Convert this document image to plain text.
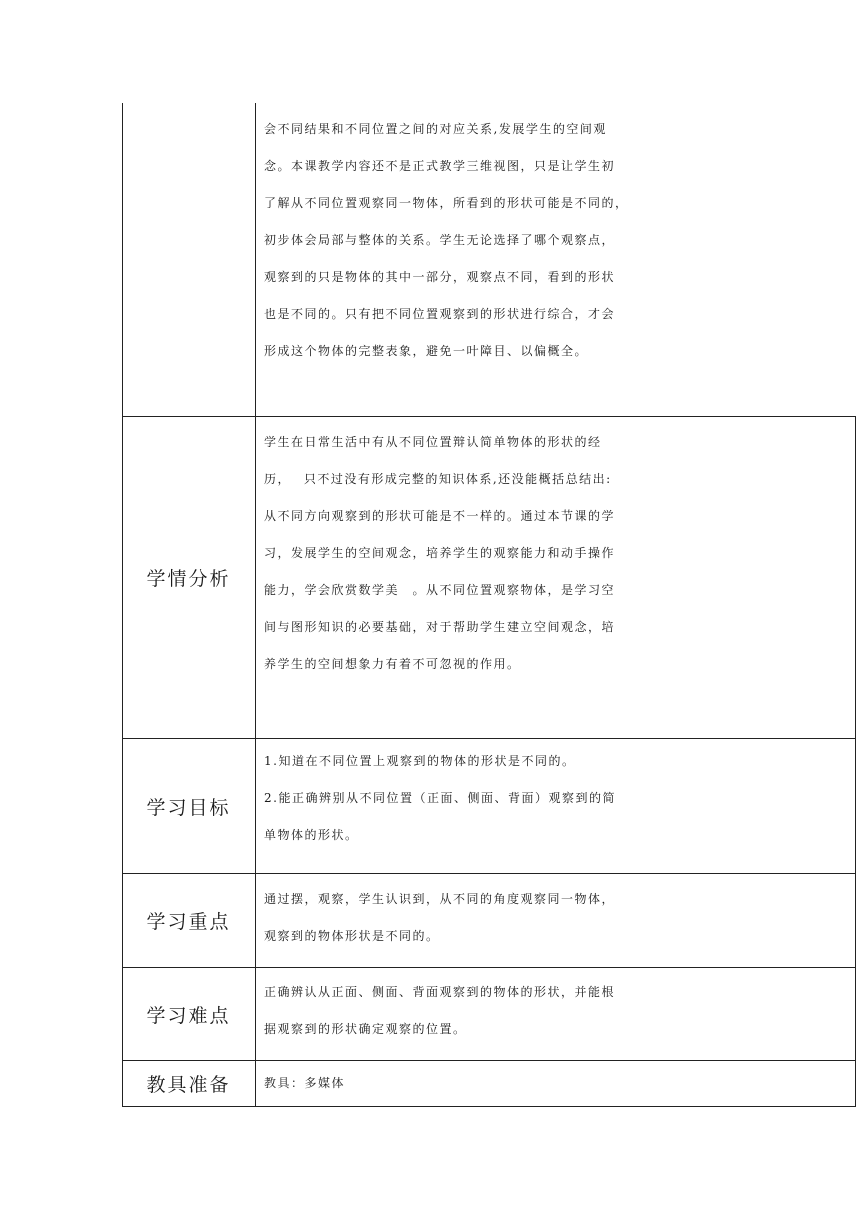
会不同结果和不同位置之间的对应关系,发展学生的空间观
念。本课教学内容还不是正式教学三维视图，只是让学生初
了解从不同位置观察同一物体，所看到的形状可能是不同的，
初步体会局部与整体的关系。学生无论选择了哪个观察点，
观察到的只是物体的其中一部分，观察点不同，看到的形状
也是不同的。只有把不同位置观察到的形状进行综合，才会
形成这个物体的完整表象，避免一叶障目、以偏概全。
学情分析
学生在日常生活中有从不同位置辩认简单物体的形状的经
历，　 只不过没有形成完整的知识体系,还没能概括总结出:
从不同方向观察到的形状可能是不一样的。通过本节课的学
习，发展学生的空间观念，培养学生的观察能力和动手操作
能力，学会欣赏数学美　。从不同位置观察物体，是学习空
间与图形知识的必要基础，对于帮助学生建立空间观念，培
养学生的空间想象力有着不可忽视的作用。
学习目标
1.知道在不同位置上观察到的物体的形状是不同的。
2.能正确辨别从不同位置（正面、侧面、背面）观察到的简
单物体的形状。
学习重点
通过摆，观察，学生认识到，从不同的角度观察同一物体，
观察到的物体形状是不同的。
学习难点
正确辨认从正面、侧面、背面观察到的物体的形状，并能根
据观察到的形状确定观察的位置。
教具准备	教具：多媒体
